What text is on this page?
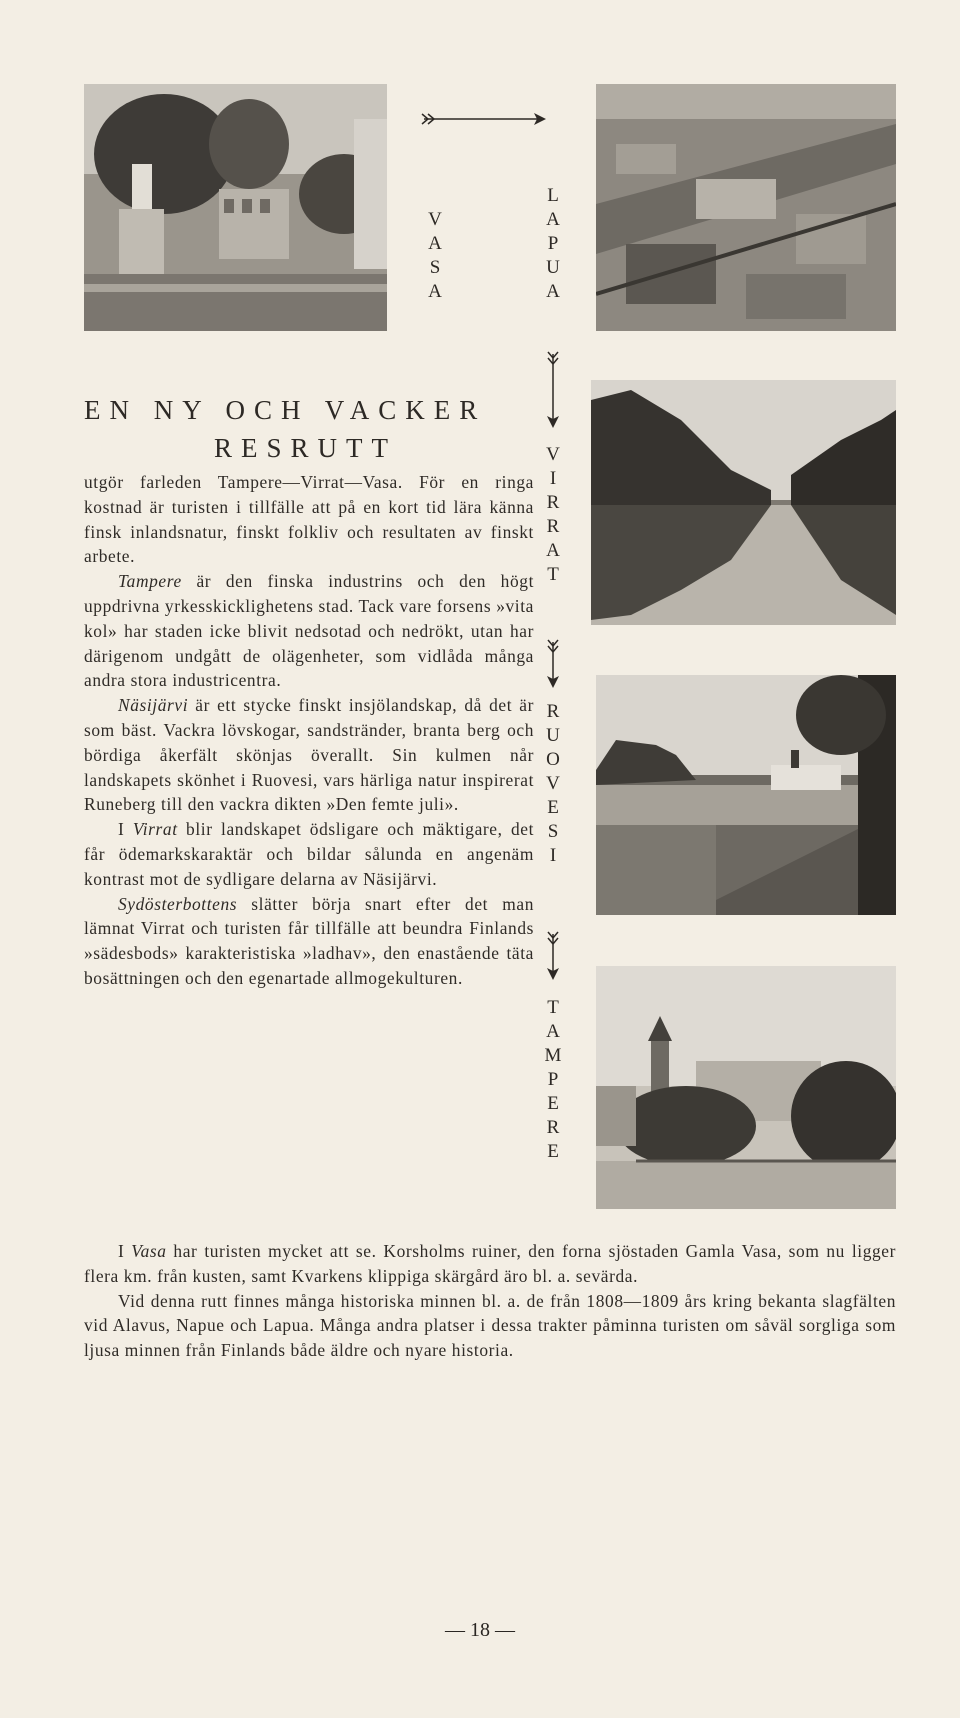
V
A
S
A
L
A
P
U
A
V
I
R
R
A
T
R
U
O
V
E
S
I
T
A
M
P
E
R
E
EN NY OCH VACKER
RESRUTT

utgör farleden Tampere—Virrat—Vasa. För en ringa kostnad är turisten i tillfälle att på en kort tid lära känna finsk inlandsnatur, finskt folkliv och resultaten av finskt arbete.

Tampere är den finska industrins och den högt uppdrivna yrkesskicklighetens stad. Tack vare forsens »vita kol» har staden icke blivit nedsotad och nedrökt, utan har därigenom undgått de olägenheter, som vidlåda många andra stora industricentra.

Näsijärvi är ett stycke finskt insjölandskap, då det är som bäst. Vackra lövskogar, sandstränder, branta berg och bördiga åkerfält skönjas överallt. Sin kulmen når landskapets skönhet i Ruovesi, vars härliga natur inspirerat Runeberg till den vackra dikten »Den femte juli».

I Virrat blir landskapet ödsligare och mäktigare, det får ödemarkskaraktär och bildar sålunda en angenäm kontrast mot de sydligare delarna av Näsijärvi.

Sydösterbottens slätter börja snart efter det man lämnat Virrat och turisten får tillfälle att beundra Finlands »sädesbods» karakteristiska »ladhav», den enastående täta bosättningen och den egenartade allmogekulturen.

I Vasa har turisten mycket att se. Korsholms ruiner, den forna sjöstaden Gamla Vasa, som nu ligger flera km. från kusten, samt Kvarkens klippiga skärgård äro bl. a. sevärda.

Vid denna rutt finnes många historiska minnen bl. a. de från 1808—1809 års kring bekanta slagfälten vid Alavus, Napue och Lapua. Många andra platser i dessa trakter påminna turisten om såväl sorgliga som ljusa minnen från Finlands både äldre och nyare historia.

— 18 —
